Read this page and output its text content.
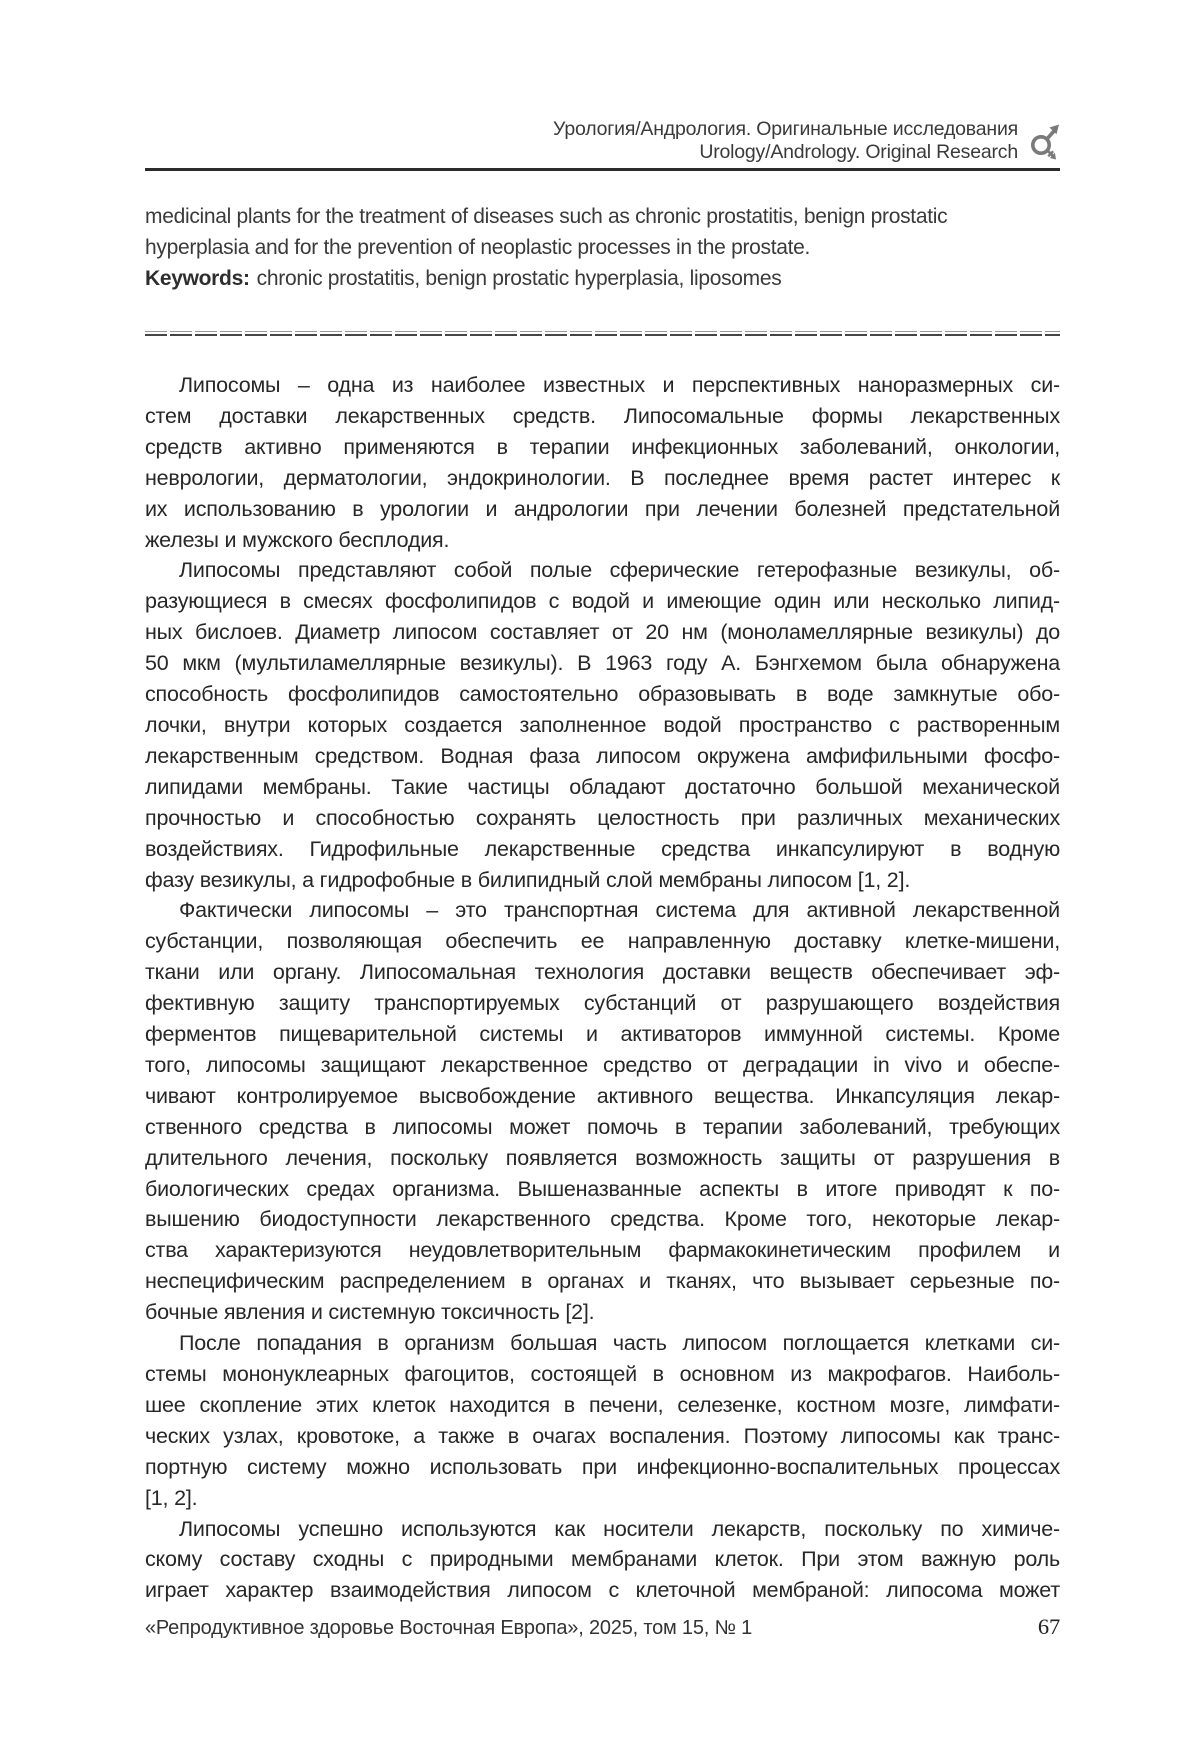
Урология/Андрология. Оригинальные исследования
Urology/Andrology. Original Research
medicinal plants for the treatment of diseases such as chronic prostatitis, benign prostatic
hyperplasia and for the prevention of neoplastic processes in the prostate.
Keywords: chronic prostatitis, benign prostatic hyperplasia, liposomes
Липосомы – одна из наиболее известных и перспективных наноразмерных си-
стем доставки лекарственных средств. Липосомальные формы лекарственных
средств активно применяются в терапии инфекционных заболеваний, онкологии,
неврологии, дерматологии, эндокринологии. В последнее время растет интерес к
их использованию в урологии и андрологии при лечении болезней предстательной
железы и мужского бесплодия.
Липосомы представляют собой полые сферические гетерофазные везикулы, об-
разующиеся в смесях фосфолипидов с водой и имеющие один или несколько липид-
ных бислоев. Диаметр липосом составляет от 20 нм (моноламеллярные везикулы) до
50 мкм (мультиламеллярные везикулы). В 1963 году А. Бэнгхемом была обнаружена
способность фосфолипидов самостоятельно образовывать в воде замкнутые обо-
лочки, внутри которых создается заполненное водой пространство с растворенным
лекарственным средством. Водная фаза липосом окружена амфифильными фосфо-
липидами мембраны. Такие частицы обладают достаточно большой механической
прочностью и способностью сохранять целостность при различных механических
воздействиях. Гидрофильные лекарственные средства инкапсулируют в водную
фазу везикулы, а гидрофобные в билипидный слой мембраны липосом [1, 2].
Фактически липосомы – это транспортная система для активной лекарственной
субстанции, позволяющая обеспечить ее направленную доставку клетке-мишени,
ткани или органу. Липосомальная технология доставки веществ обеспечивает эф-
фективную защиту транспортируемых субстанций от разрушающего воздействия
ферментов пищеварительной системы и активаторов иммунной системы. Кроме
того, липосомы защищают лекарственное средство от деградации in vivo и обеспе-
чивают контролируемое высвобождение активного вещества. Инкапсуляция лекар-
ственного средства в липосомы может помочь в терапии заболеваний, требующих
длительного лечения, поскольку появляется возможность защиты от разрушения в
биологических средах организма. Вышеназванные аспекты в итоге приводят к по-
вышению биодоступности лекарственного средства. Кроме того, некоторые лекар-
ства характеризуются неудовлетворительным фармакокинетическим профилем и
неспецифическим распределением в органах и тканях, что вызывает серьезные по-
бочные явления и системную токсичность [2].
После попадания в организм большая часть липосом поглощается клетками си-
стемы мононуклеарных фагоцитов, состоящей в основном из макрофагов. Наиболь-
шее скопление этих клеток находится в печени, селезенке, костном мозге, лимфати-
ческих узлах, кровотоке, а также в очагах воспаления. Поэтому липосомы как транс-
портную систему можно использовать при инфекционно-воспалительных процессах
[1, 2].
Липосомы успешно используются как носители лекарств, поскольку по химиче-
скому составу сходны с природными мембранами клеток. При этом важную роль
играет характер взаимодействия липосом с клеточной мембраной: липосома может
«Репродуктивное здоровье Восточная Европа», 2025, том 15, № 1	67
